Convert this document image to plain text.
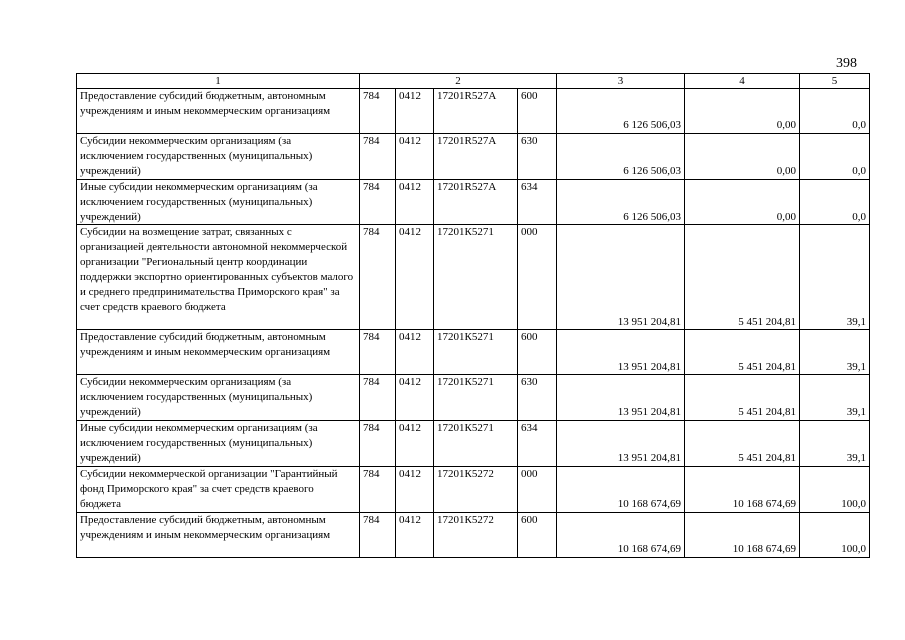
398
1	2				3	4	5
Предоставление субсидий бюджетным, автономным учреждениям и иным некоммерческим организациям	784	0412	17201R527A	600	6 126 506,03	0,00	0,0
Субсидии некоммерческим организациям (за исключением государственных (муниципальных) учреждений)	784	0412	17201R527A	630	6 126 506,03	0,00	0,0
Иные субсидии некоммерческим организациям (за исключением государственных (муниципальных) учреждений)	784	0412	17201R527A	634	6 126 506,03	0,00	0,0
Субсидии на возмещение затрат, связанных с организацией деятельности автономной некоммерческой организации "Региональный центр координации поддержки экспортно ориентированных субъектов малого и среднего предпринимательства Приморского края" за счет средств краевого бюджета	784	0412	17201К5271	000	13 951 204,81	5 451 204,81	39,1
Предоставление субсидий бюджетным, автономным учреждениям и иным некоммерческим организациям	784	0412	17201К5271	600	13 951 204,81	5 451 204,81	39,1
Субсидии некоммерческим организациям (за исключением государственных (муниципальных) учреждений)	784	0412	17201К5271	630	13 951 204,81	5 451 204,81	39,1
Иные субсидии некоммерческим организациям (за исключением государственных (муниципальных) учреждений)	784	0412	17201К5271	634	13 951 204,81	5 451 204,81	39,1
Субсидии некоммерческой организации "Гарантийный фонд Приморского края" за счет средств краевого бюджета	784	0412	17201К5272	000	10 168 674,69	10 168 674,69	100,0
Предоставление субсидий бюджетным, автономным учреждениям и иным некоммерческим организациям	784	0412	17201К5272	600	10 168 674,69	10 168 674,69	100,0
